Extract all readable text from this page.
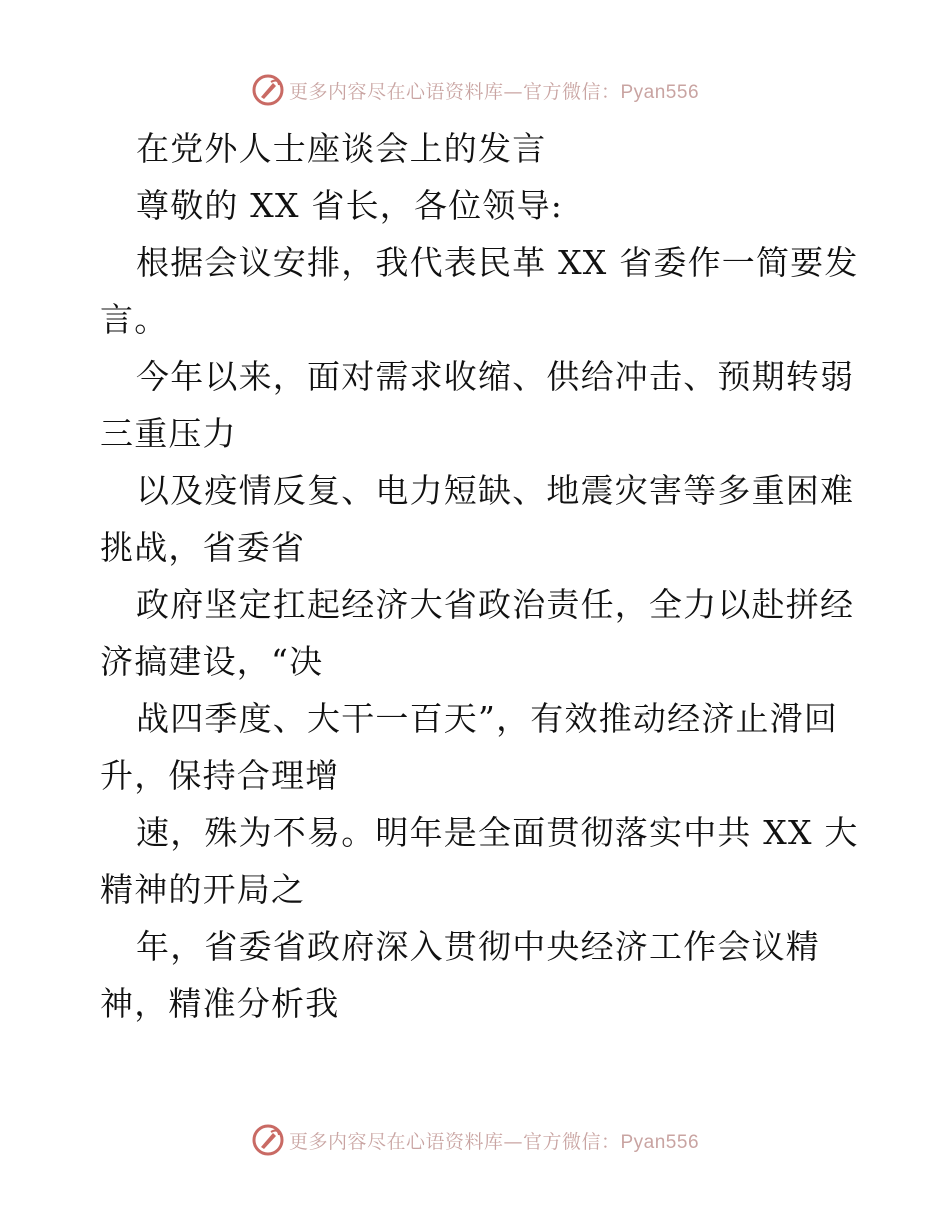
更多内容尽在心语资料库—官方微信：Pyan556
在党外人士座谈会上的发言
尊敬的 XX 省长，各位领导:
根据会议安排，我代表民革 XX 省委作一简要发
言。
今年以来，面对需求收缩、供给冲击、预期转弱
三重压力
以及疫情反复、电力短缺、地震灾害等多重困难
挑战，省委省
政府坚定扛起经济大省政治责任，全力以赴拼经
济搞建设，“决
战四季度、大干一百天”，有效推动经济止滑回
升，保持合理增
速，殊为不易。明年是全面贯彻落实中共 XX 大
精神的开局之
年，省委省政府深入贯彻中央经济工作会议精
神，精准分析我
更多内容尽在心语资料库—官方微信：Pyan556
